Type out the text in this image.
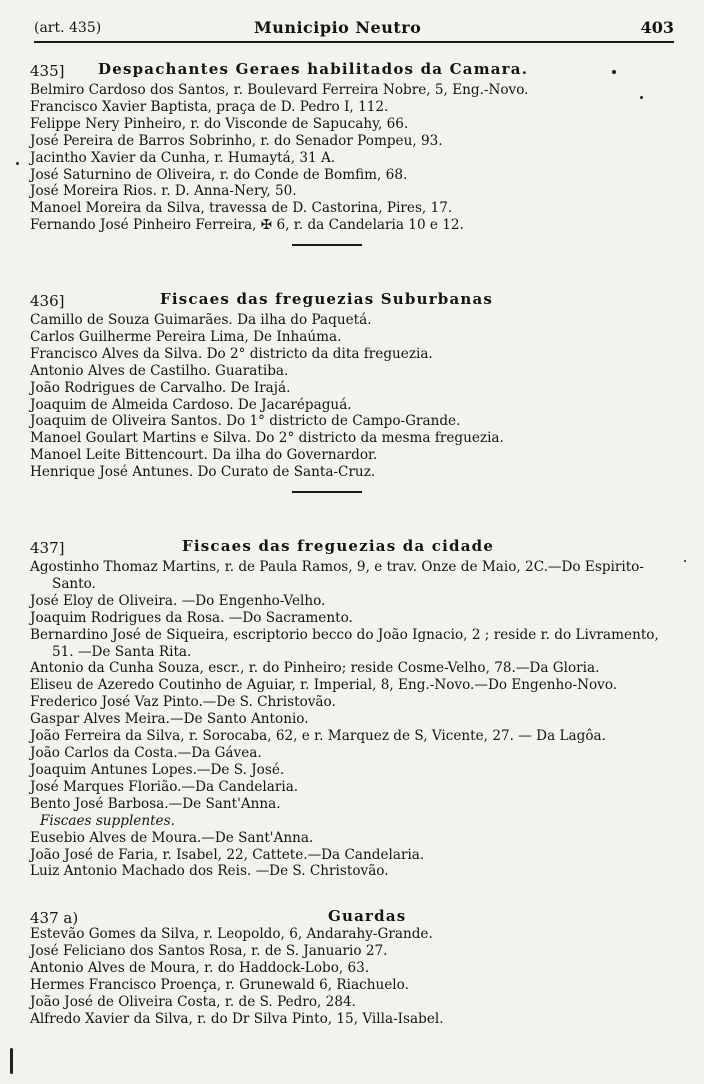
(art. 435)	Municipio Neutro	403
435] Despachantes Geraes habilitados da Camara.
Belmiro Cardoso dos Santos, r. Boulevard Ferreira Nobre, 5, Eng.-Novo.
Francisco Xavier Baptista, praça de D. Pedro I, 112.
Felippe Nery Pinheiro, r. do Visconde de Sapucahy, 66.
José Pereira de Barros Sobrinho, r. do Senador Pompeu, 93.
Jacintho Xavier da Cunha, r. Humaytá, 31 A.
José Saturnino de Oliveira, r. do Conde de Bomfim, 68.
José Moreira Rios. r. D. Anna-Nery, 50.
Manoel Moreira da Silva, travessa de D. Castorina, Pires, 17.
Fernando José Pinheiro Ferreira, ✠ 6, r. da Candelaria 10 e 12.
436]	Fiscaes das freguezias Suburbanas
Camillo de Souza Guimarães. Da ilha do Paquetá.
Carlos Guilherme Pereira Lima, De Inhaúma.
Francisco Alves da Silva. Do 2° districto da dita freguezia.
Antonio Alves de Castilho. Guaratiba.
João Rodrigues de Carvalho. De Irajá.
Joaquim de Almeida Cardoso. De Jacarépaguá.
Joaquim de Oliveira Santos. Do 1° districto de Campo-Grande.
Manoel Goulart Martins e Silva. Do 2° districto da mesma freguezia.
Manoel Leite Bittencourt. Da ilha do Governardor.
Henrique José Antunes. Do Curato de Santa-Cruz.
437]	Fiscaes das freguezias da cidade
Agostinho Thomaz Martins, r. de Paula Ramos, 9, e trav. Onze de Maio, 2C.—Do Espirito-Santo.
José Eloy de Oliveira. —Do Engenho-Velho.
Joaquim Rodrigues da Rosa. —Do Sacramento.
Bernardino José de Siqueira, escriptorio becco do João Ignacio, 2 ; reside r. do Livramento, 51. —De Santa Rita.
Antonio da Cunha Souza, escr., r. do Pinheiro; reside Cosme-Velho, 78.—Da Gloria.
Eliseu de Azeredo Coutinho de Aguiar, r. Imperial, 8, Eng.-Novo.—Do Engenho-Novo.
Frederico José Vaz Pinto.—De S. Christovão.
Gaspar Alves Meira.—De Santo Antonio.
João Ferreira da Silva, r. Sorocaba, 62, e r. Marquez de S, Vicente, 27. — Da Lagôa.
João Carlos da Costa.—Da Gávea.
Joaquim Antunes Lopes.—De S. José.
José Marques Florião.—Da Candelaria.
Bento José Barbosa.—De Sant'Anna.
Fiscaes supplentes.
Eusebio Alves de Moura.—De Sant'Anna.
João José de Faria, r. Isabel, 22, Cattete.—Da Candelaria.
Luiz Antonio Machado dos Reis. —De S. Christovão.
437 a)	Guardas
Estevão Gomes da Silva, r. Leopoldo, 6, Andarahy-Grande.
José Feliciano dos Santos Rosa, r. de S. Januario 27.
Antonio Alves de Moura, r. do Haddock-Lobo, 63.
Hermes Francisco Proença, r. Grunewald 6, Riachuelo.
João José de Oliveira Costa, r. de S. Pedro, 284.
Alfredo Xavier da Silva, r. do Dr Silva Pinto, 15, Villa-Isabel.
